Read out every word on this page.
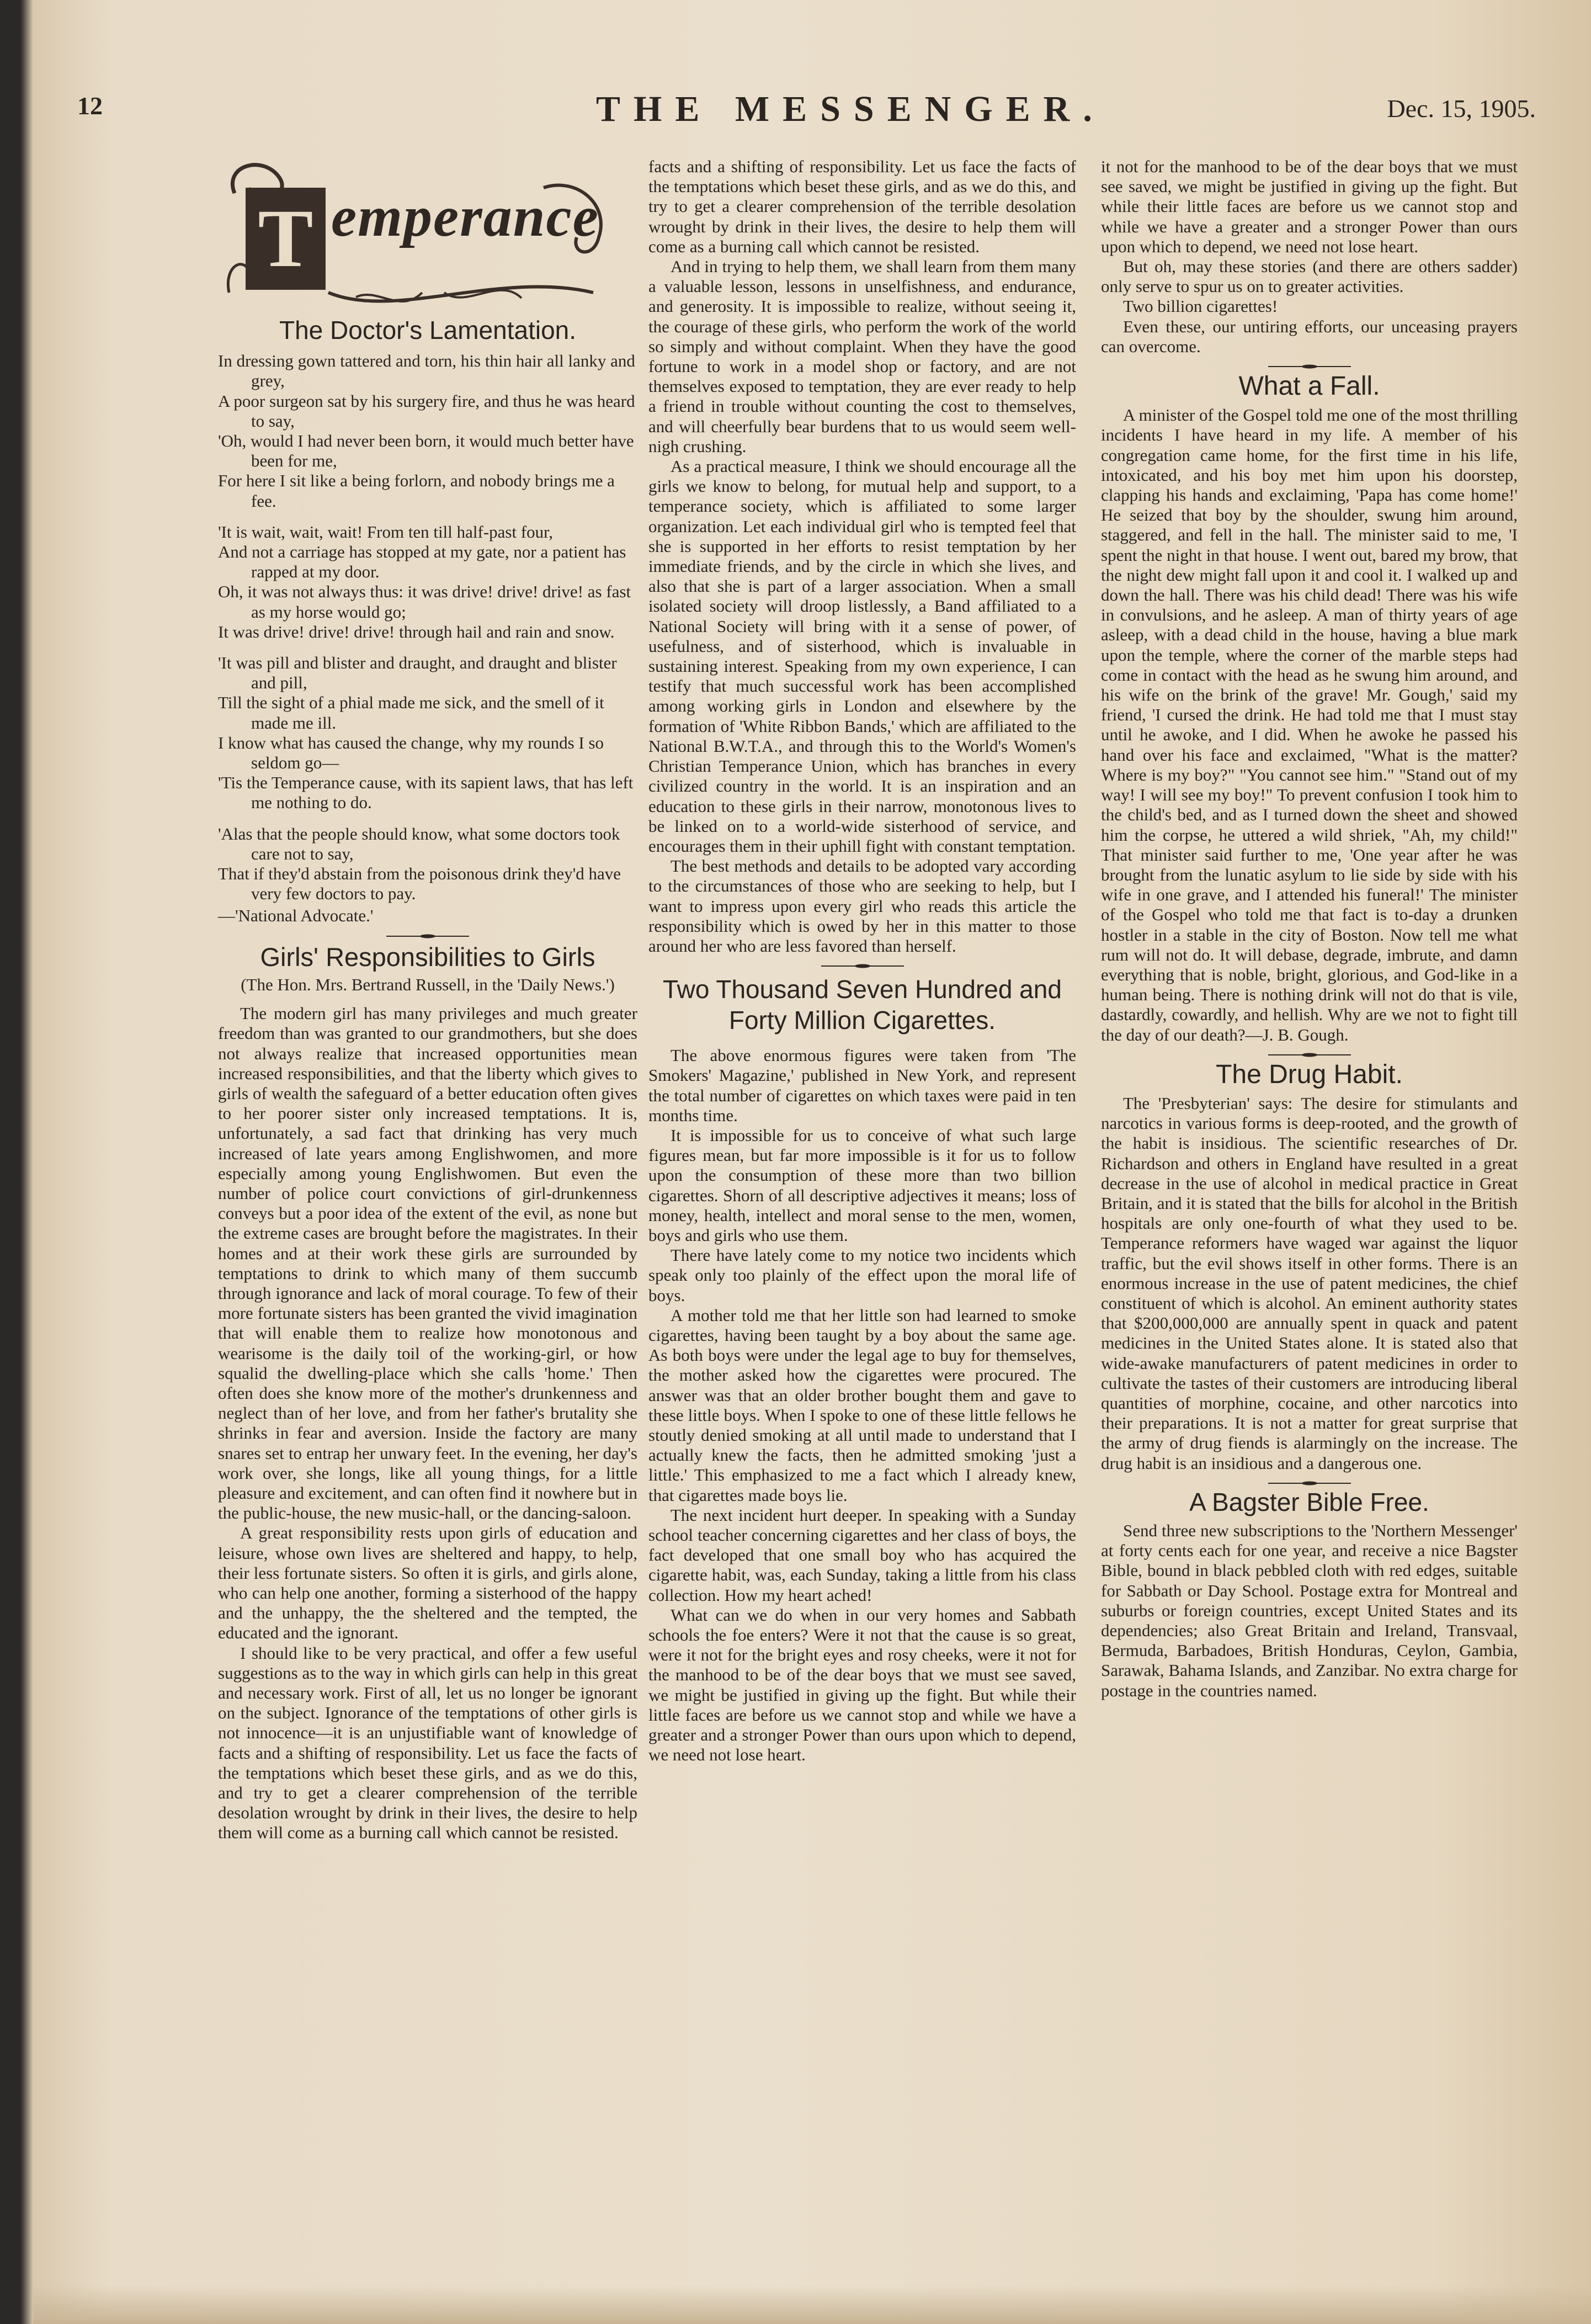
12	THE MESSENGER.	Dec. 15, 1905.
T emperance
The Doctor's Lamentation.

In dressing gown tattered and torn, his thin hair all lanky and grey,

A poor surgeon sat by his surgery fire, and thus he was heard to say,

'Oh, would I had never been born, it would much better have been for me,

For here I sit like a being forlorn, and nobody brings me a fee.

'It is wait, wait, wait! From ten till half-past four,

And not a carriage has stopped at my gate, nor a patient has rapped at my door.

Oh, it was not always thus: it was drive! drive! drive! as fast as my horse would go;

It was drive! drive! drive! through hail and rain and snow.

'It was pill and blister and draught, and draught and blister and pill,

Till the sight of a phial made me sick, and the smell of it made me ill.

I know what has caused the change, why my rounds I so seldom go—

'Tis the Temperance cause, with its sapient laws, that has left me nothing to do.

'Alas that the people should know, what some doctors took care not to say,

That if they'd abstain from the poisonous drink they'd have very few doctors to pay.

—'National Advocate.'

Girls' Responsibilities to Girls

(The Hon. Mrs. Bertrand Russell, in the 'Daily News.')

The modern girl has many privileges and much greater freedom than was granted to our grandmothers, but she does not always realize that increased opportunities mean increased responsibilities, and that the liberty which gives to girls of wealth the safeguard of a better education often gives to her poorer sister only increased temptations. It is, unfortunately, a sad fact that drinking has very much increased of late years among Englishwomen, and more especially among young Englishwomen. But even the number of police court convictions of girl-drunkenness conveys but a poor idea of the extent of the evil, as none but the extreme cases are brought before the magistrates. In their homes and at their work these girls are surrounded by temptations to drink to which many of them succumb through ignorance and lack of moral courage. To few of their more fortunate sisters has been granted the vivid imagination that will enable them to realize how monotonous and wearisome is the daily toil of the working-girl, or how squalid the dwelling-place which she calls 'home.' Then often does she know more of the mother's drunkenness and neglect than of her love, and from her father's brutality she shrinks in fear and aversion. Inside the factory are many snares set to entrap her unwary feet. In the evening, her day's work over, she longs, like all young things, for a little pleasure and excitement, and can often find it nowhere but in the public-house, the new music-hall, or the dancing-saloon.

A great responsibility rests upon girls of education and leisure, whose own lives are sheltered and happy, to help, their less fortunate sisters. So often it is girls, and girls alone, who can help one another, forming a sisterhood of the happy and the unhappy, the the sheltered and the tempted, the educated and the ignorant.

I should like to be very practical, and offer a few useful suggestions as to the way in which girls can help in this great and necessary work. First of all, let us no longer be ignorant on the subject. Ignorance of the temptations of other girls is not innocence—it is an unjustifiable want of knowledge of facts and a shifting of responsibility. Let us face the facts of the temptations which beset these girls, and as we do this, and try to get a clearer comprehension of the terrible desolation wrought by drink in their lives, the desire to help them will come as a burning call which cannot be resisted.

facts and a shifting of responsibility. Let us face the facts of the temptations which beset these girls, and as we do this, and try to get a clearer comprehension of the terrible desolation wrought by drink in their lives, the desire to help them will come as a burning call which cannot be resisted.

And in trying to help them, we shall learn from them many a valuable lesson, lessons in unselfishness, and endurance, and generosity. It is impossible to realize, without seeing it, the courage of these girls, who perform the work of the world so simply and without complaint. When they have the good fortune to work in a model shop or factory, and are not themselves exposed to temptation, they are ever ready to help a friend in trouble without counting the cost to themselves, and will cheerfully bear burdens that to us would seem well-nigh crushing.

As a practical measure, I think we should encourage all the girls we know to belong, for mutual help and support, to a temperance society, which is affiliated to some larger organization. Let each individual girl who is tempted feel that she is supported in her efforts to resist temptation by her immediate friends, and by the circle in which she lives, and also that she is part of a larger association. When a small isolated society will droop listlessly, a Band affiliated to a National Society will bring with it a sense of power, of usefulness, and of sisterhood, which is invaluable in sustaining interest. Speaking from my own experience, I can testify that much successful work has been accomplished among working girls in London and elsewhere by the formation of 'White Ribbon Bands,' which are affiliated to the National B.W.T.A., and through this to the World's Women's Christian Temperance Union, which has branches in every civilized country in the world. It is an inspiration and an education to these girls in their narrow, monotonous lives to be linked on to a world-wide sisterhood of service, and encourages them in their uphill fight with constant temptation.

The best methods and details to be adopted vary according to the circumstances of those who are seeking to help, but I want to impress upon every girl who reads this article the responsibility which is owed by her in this matter to those around her who are less favored than herself.

Two Thousand Seven Hundred and Forty Million Cigarettes.

The above enormous figures were taken from 'The Smokers' Magazine,' published in New York, and represent the total number of cigarettes on which taxes were paid in ten months time.

It is impossible for us to conceive of what such large figures mean, but far more impossible is it for us to follow upon the consumption of these more than two billion cigarettes. Shorn of all descriptive adjectives it means; loss of money, health, intellect and moral sense to the men, women, boys and girls who use them.

There have lately come to my notice two incidents which speak only too plainly of the effect upon the moral life of boys.

A mother told me that her little son had learned to smoke cigarettes, having been taught by a boy about the same age. As both boys were under the legal age to buy for themselves, the mother asked how the cigarettes were procured. The answer was that an older brother bought them and gave to these little boys. When I spoke to one of these little fellows he stoutly denied smoking at all until made to understand that I actually knew the facts, then he admitted smoking 'just a little.' This emphasized to me a fact which I already knew, that cigarettes made boys lie.

The next incident hurt deeper. In speaking with a Sunday school teacher concerning cigarettes and her class of boys, the fact developed that one small boy who has acquired the cigarette habit, was, each Sunday, taking a little from his class collection. How my heart ached!

What can we do when in our very homes and Sabbath schools the foe enters? Were it not that the cause is so great, were it not for the bright eyes and rosy cheeks, were it not for the manhood to be of the dear boys that we must see saved, we might be justified in giving up the fight. But while their little faces are before us we cannot stop and while we have a greater and a stronger Power than ours upon which to depend, we need not lose heart.

it not for the manhood to be of the dear boys that we must see saved, we might be justified in giving up the fight. But while their little faces are before us we cannot stop and while we have a greater and a stronger Power than ours upon which to depend, we need not lose heart.

But oh, may these stories (and there are others sadder) only serve to spur us on to greater activities.

Two billion cigarettes!

Even these, our untiring efforts, our unceasing prayers can overcome.

What a Fall.

A minister of the Gospel told me one of the most thrilling incidents I have heard in my life. A member of his congregation came home, for the first time in his life, intoxicated, and his boy met him upon his doorstep, clapping his hands and exclaiming, 'Papa has come home!' He seized that boy by the shoulder, swung him around, staggered, and fell in the hall. The minister said to me, 'I spent the night in that house. I went out, bared my brow, that the night dew might fall upon it and cool it. I walked up and down the hall. There was his child dead! There was his wife in convulsions, and he asleep. A man of thirty years of age asleep, with a dead child in the house, having a blue mark upon the temple, where the corner of the marble steps had come in contact with the head as he swung him around, and his wife on the brink of the grave! Mr. Gough,' said my friend, 'I cursed the drink. He had told me that I must stay until he awoke, and I did. When he awoke he passed his hand over his face and exclaimed, "What is the matter? Where is my boy?" "You cannot see him." "Stand out of my way! I will see my boy!" To prevent confusion I took him to the child's bed, and as I turned down the sheet and showed him the corpse, he uttered a wild shriek, "Ah, my child!" That minister said further to me, 'One year after he was brought from the lunatic asylum to lie side by side with his wife in one grave, and I attended his funeral!' The minister of the Gospel who told me that fact is to-day a drunken hostler in a stable in the city of Boston. Now tell me what rum will not do. It will debase, degrade, imbrute, and damn everything that is noble, bright, glorious, and God-like in a human being. There is nothing drink will not do that is vile, dastardly, cowardly, and hellish. Why are we not to fight till the day of our death?—J. B. Gough.

The Drug Habit.

The 'Presbyterian' says: The desire for stimulants and narcotics in various forms is deep-rooted, and the growth of the habit is insidious. The scientific researches of Dr. Richardson and others in England have resulted in a great decrease in the use of alcohol in medical practice in Great Britain, and it is stated that the bills for alcohol in the British hospitals are only one-fourth of what they used to be. Temperance reformers have waged war against the liquor traffic, but the evil shows itself in other forms. There is an enormous increase in the use of patent medicines, the chief constituent of which is alcohol. An eminent authority states that $200,000,000 are annually spent in quack and patent medicines in the United States alone. It is stated also that wide-awake manufacturers of patent medicines in order to cultivate the tastes of their customers are introducing liberal quantities of morphine, cocaine, and other narcotics into their preparations. It is not a matter for great surprise that the army of drug fiends is alarmingly on the increase. The drug habit is an insidious and a dangerous one.

A Bagster Bible Free.

Send three new subscriptions to the 'Northern Messenger' at forty cents each for one year, and receive a nice Bagster Bible, bound in black pebbled cloth with red edges, suitable for Sabbath or Day School. Postage extra for Montreal and suburbs or foreign countries, except United States and its dependencies; also Great Britain and Ireland, Transvaal, Bermuda, Barbadoes, British Honduras, Ceylon, Gambia, Sarawak, Bahama Islands, and Zanzibar. No extra charge for postage in the countries named.
